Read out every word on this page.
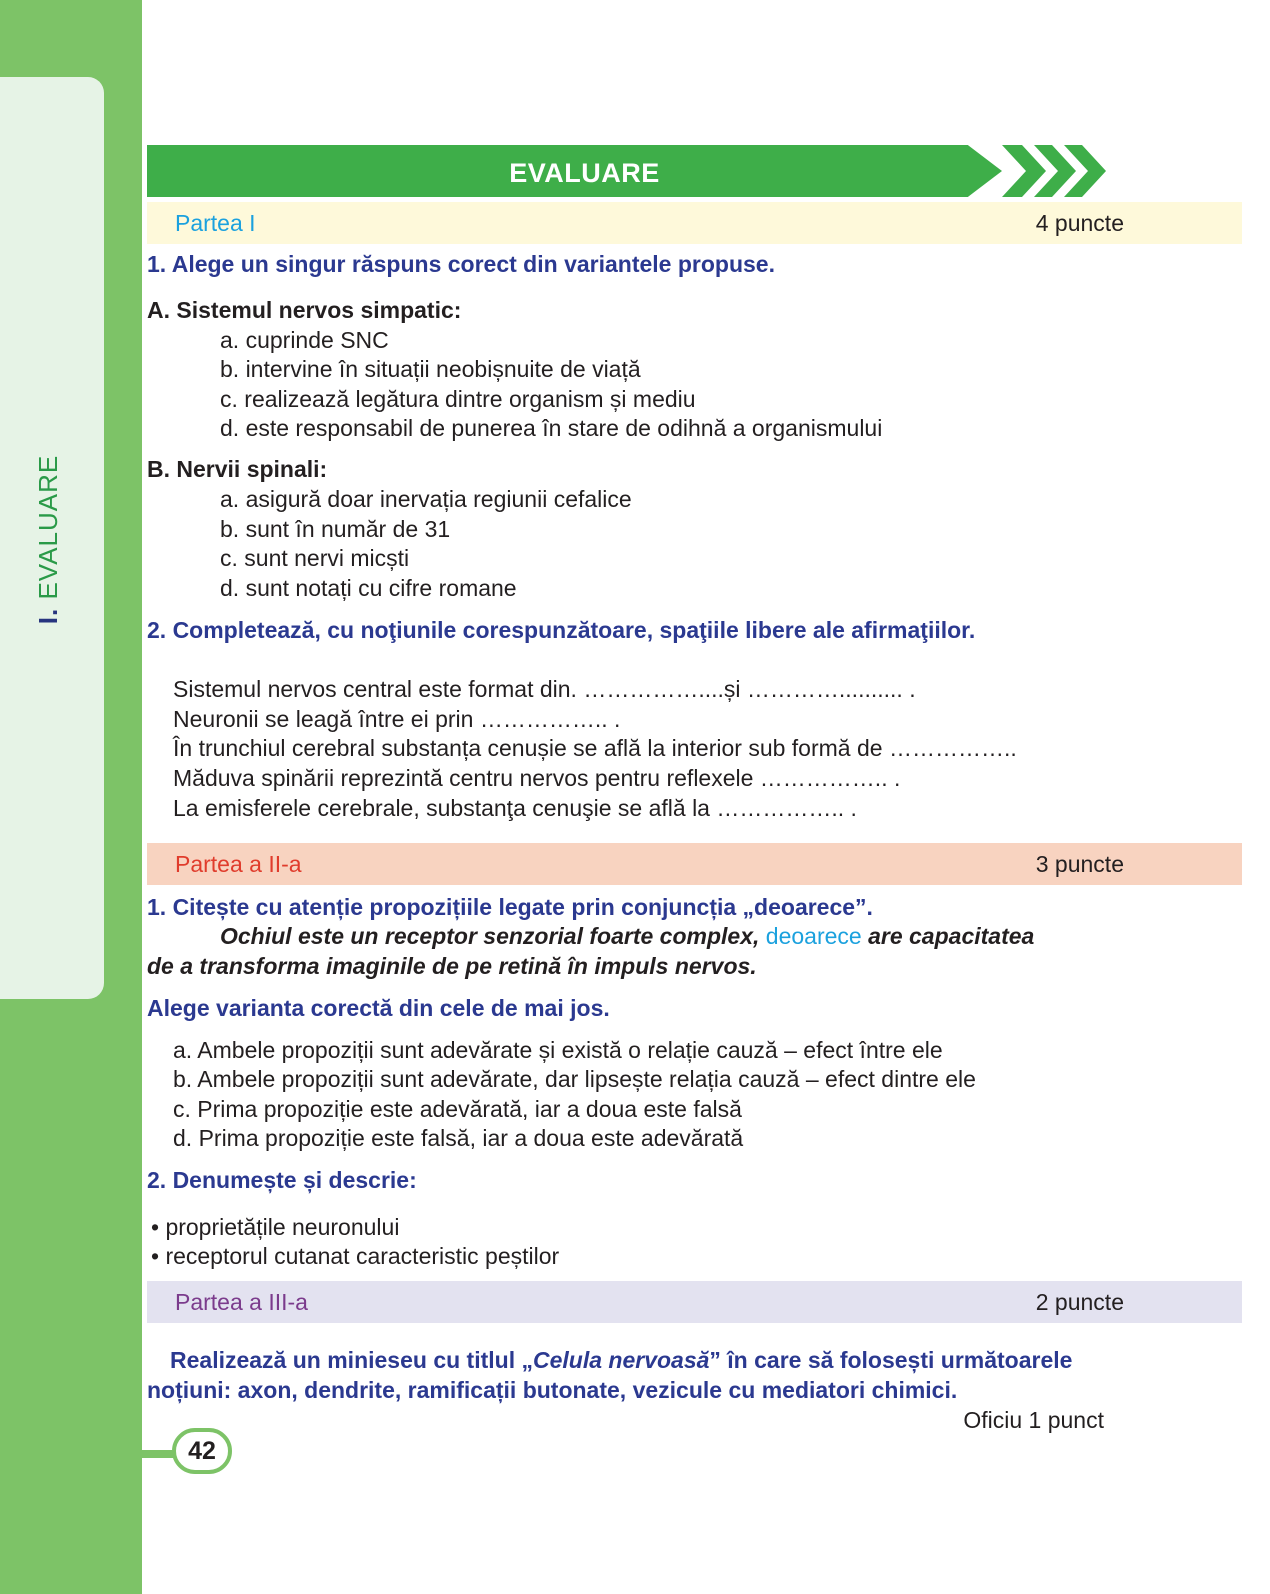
I. EVALUARE
EVALUARE
Partea I	4 puncte
1. Alege un singur răspuns corect din variantele propuse.
A. Sistemul nervos simpatic:
a. cuprinde SNC
b. intervine în situații neobișnuite de viață
c. realizează legătura dintre organism și mediu
d. este responsabil de punerea în stare de odihnă a organismului
B. Nervii spinali:
a. asigură doar inervația regiunii cefalice
b. sunt în număr de 31
c. sunt nervi micști
d. sunt notați cu cifre romane
2. Completează, cu noţiunile corespunzătoare, spaţiile libere ale afirmaţiilor.
Sistemul nervos central este format din. ……………....și ………….......... .
Neuronii se leagă între ei prin …………….. .
În trunchiul cerebral substanța cenușie se află la interior sub formă de ……………..
Măduva spinării reprezintă centru nervos pentru reflexele …………….. .
La emisferele cerebrale, substanţa cenuşie se află la …………….. .
Partea a II-a	3 puncte
1. Citește cu atenție propozițiile legate prin conjuncția „deoarece”.
Ochiul este un receptor senzorial foarte complex, deoarece are capacitatea
de a transforma imaginile de pe retină în impuls nervos.
Alege varianta corectă din cele de mai jos.
a. Ambele propoziții sunt adevărate și există o relație cauză – efect între ele
b. Ambele propoziții sunt adevărate, dar lipsește relația cauză – efect dintre ele
c. Prima propoziție este adevărată, iar a doua este falsă
d. Prima propoziție este falsă, iar a doua este adevărată
2. Denumește și descrie:
• proprietățile neuronului
• receptorul cutanat caracteristic peștilor
Partea a III-a	2 puncte
Realizează un minieseu cu titlul „Celula nervoasă” în care să folosești următoarele
noțiuni: axon, dendrite, ramificații butonate, vezicule cu mediatori chimici.
Oficiu 1 punct
42
